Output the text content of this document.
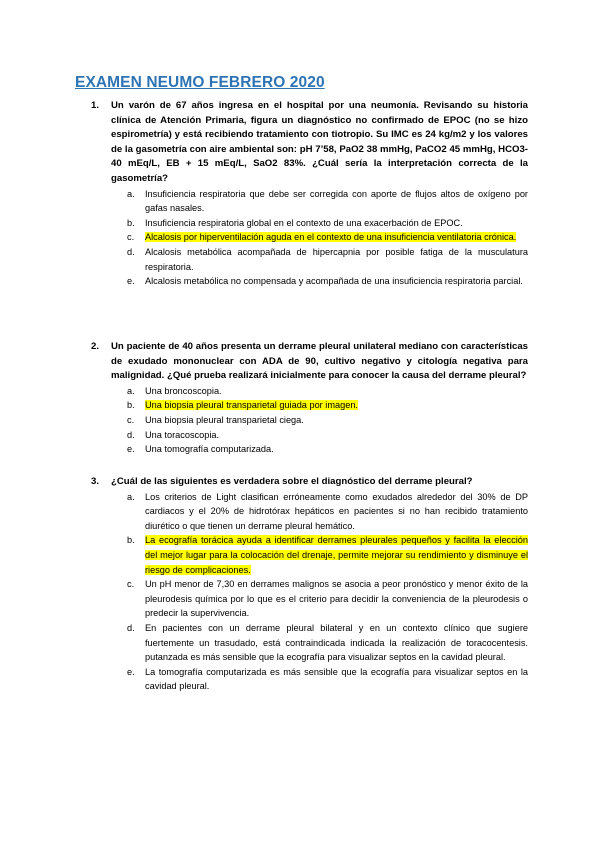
EXAMEN NEUMO FEBRERO 2020
1. Un varón de 67 años ingresa en el hospital por una neumonía. Revisando su historia clínica de Atención Primaria, figura un diagnóstico no confirmado de EPOC (no se hizo espirometría) y está recibiendo tratamiento con tiotropio. Su IMC es 24 kg/m2 y los valores de la gasometría con aire ambiental son: pH 7’58, PaO2 38 mmHg, PaCO2 45 mmHg, HCO3- 40 mEq/L, EB + 15 mEq/L, SaO2 83%. ¿Cuál sería la interpretación correcta de la gasometría?
a. Insuficiencia respiratoria que debe ser corregida con aporte de flujos altos de oxígeno por gafas nasales.
b. Insuficiencia respiratoria global en el contexto de una exacerbación de EPOC.
c. Alcalosis por hiperventilación aguda en el contexto de una insuficiencia ventilatoria crónica.
d. Alcalosis metabólica acompañada de hipercapnia por posible fatiga de la musculatura respiratoria.
e. Alcalosis metabólica no compensada y acompañada de una insuficiencia respiratoria parcial.
2. Un paciente de 40 años presenta un derrame pleural unilateral mediano con características de exudado mononuclear con ADA de 90, cultivo negativo y citología negativa para malignidad. ¿Qué prueba realizará inicialmente para conocer la causa del derrame pleural?
a. Una broncoscopia.
b. Una biopsia pleural transparietal guiada por imagen.
c. Una biopsia pleural transparietal ciega.
d. Una toracoscopia.
e. Una tomografía computarizada.
3. ¿Cuál de las siguientes es verdadera sobre el diagnóstico del derrame pleural?
a. Los criterios de Light clasifican erróneamente como exudados alrededor del 30% de DP cardiacos y el 20% de hidrotórax hepáticos en pacientes si no han recibido tratamiento diurético o que tienen un derrame pleural hemático.
b. La ecografía torácica ayuda a identificar derrames pleurales pequeños y facilita la elección del mejor lugar para la colocación del drenaje, permite mejorar su rendimiento y disminuye el riesgo de complicaciones.
c. Un pH menor de 7,30 en derrames malignos se asocia a peor pronóstico y menor éxito de la pleurodesis química por lo que es el criterio para decidir la conveniencia de la pleurodesis o predecir la supervivencia.
d. En pacientes con un derrame pleural bilateral y en un contexto clínico que sugiere fuertemente un trasudado, está contraindicada indicada la realización de toracocentesis. putanzada es más sensible que la ecografía para visualizar septos en la cavidad pleural.
e. La tomografía computarizada es más sensible que la ecografía para visualizar septos en la cavidad pleural.
